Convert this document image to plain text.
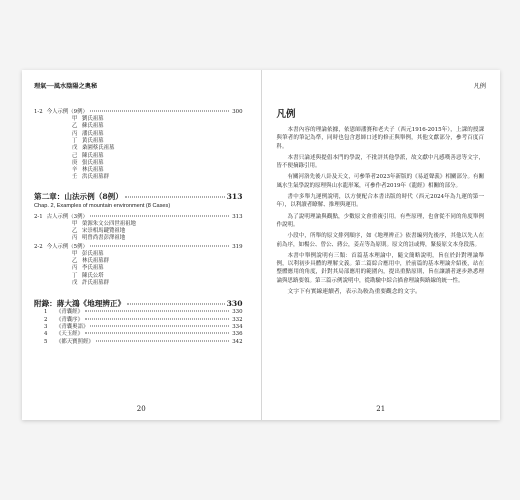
理氣──風水陰陽之奧秘
1-2 今人示例（9例）	300
甲 劉氏祖墓
乙 蘇氏祖墓
丙 潘氏祖墓
丁 黃氏祖墓
戊 桑園蔡氏祖墓
己 陳氏祖墓
庚 張氏祖墓
辛 林氏祖墓
壬 洪氏祖墓群
第二章：山法示例（8例）	313
Chap. 2, Examples of mountain environment (8 Cases)
2-1 古人示例（3例）	313
甲 榮源朱文公四世祖祖地
乙 宋崇相馬鍵覽祖地
丙 明曾尚書彭澤祖地
2-2 今人示例（5例）	319
甲 彭氏祖墓
乙 林氏祖墓群
丙 李氏祖墓
丁 陳氏公塔
戊 許氏祖墓群
附錄：蔣大鴻《地理辨正》	330
1	《青囊經》	330
2	《青囊序》	332
3	《青囊奧語》	334
4	《天玉經》	336
5	《都天寶照經》	342
20
凡例
凡例

本書內容的理論依據，依恩師潘賽和老夫子（西元1916-2015年），上課的授課與筆者的筆記為準，同時也包含恩師口述的修正與舉例，其他文獻部分，參考百度百科。

本書只論述與提倡本門的學說，不批評其他學派，故文獻中凡感嘆善惡等文字，皆不便摘錄引用。

有關河洛先後八卦及天文，可參筆者2023年新版的《易道聲義》相關部分。有關風水生氣學說的原理與山水龍形案，可參作者2019年《龍經》相關的部分。

書中多舉九運例說明，以方便配合本書出版的時代（西元2024年為九運的第一年），以利讀者瞭解、推理與運用。

為了說明理論與觀點，少數原文會重複引用。有些原理，也會從不同的角度舉例作說明。

小段中，所舉的原文排列順序，如《地理辨正》依書編列先後序，其他以先人在前為序，如楊公、曾公、蔣公，姜垚等為原則。原文的註或傳，緊接原文本身段落。

本書中舉例說明有三類：首篇基本理論中，隨文簡略說明，旨在於針對理論舉例，以利初步具體的理解文義。第二篇綜合應用中，於前篇的基本理論介紹後，站在整體應用的角度，針對其局部應用的範圍內，提出重點原則，旨在讓讀者逐步熟悉理論與思路要領。第三篇示例說明中，從勘驗中綜合描會理論與路線的統一性。

文字下有實線連續者，表示為較為重要觀念的文字。

21
